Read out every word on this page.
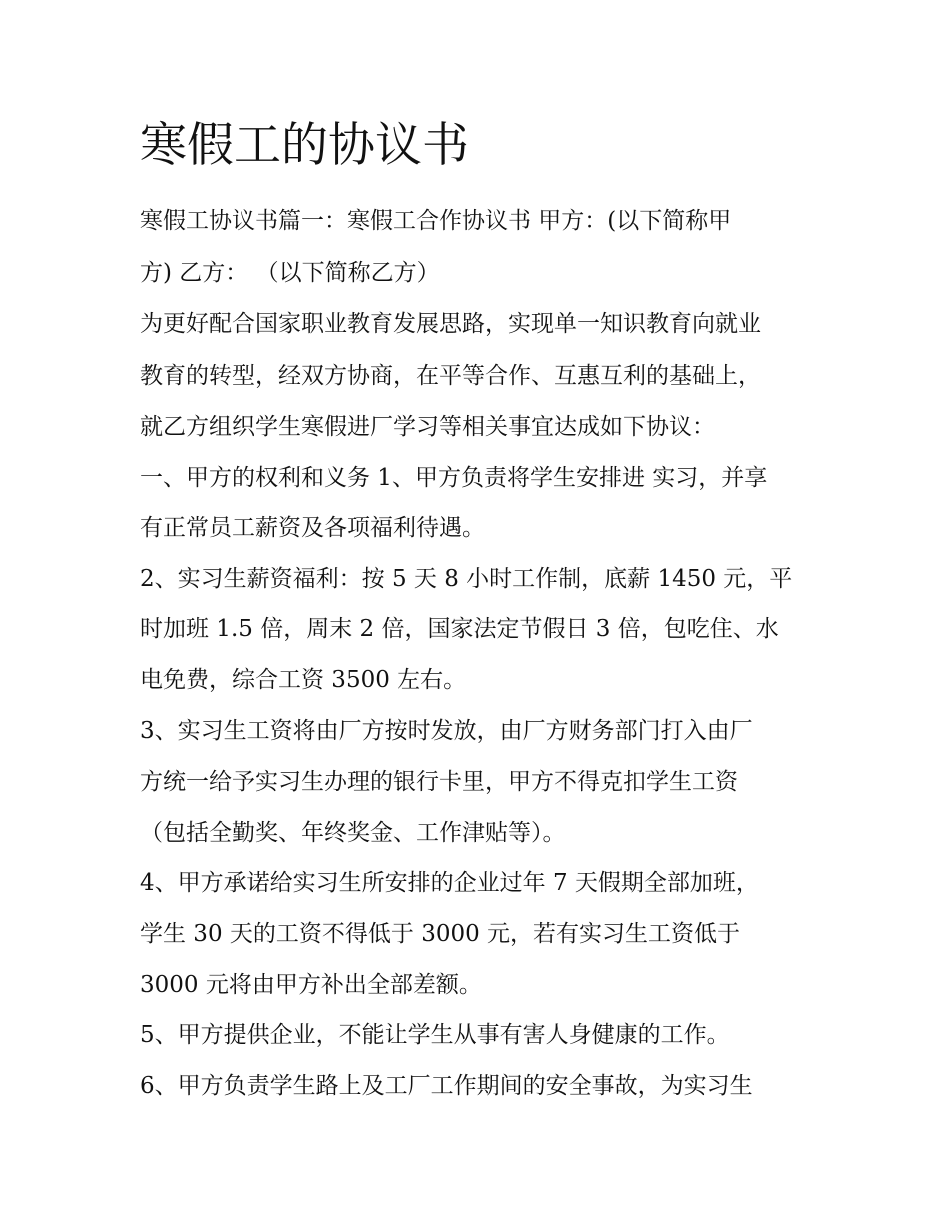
寒假工的协议书

寒假工协议书篇一：寒假工合作协议书 甲方：(以下简称甲

方) 乙方： （以下简称乙方）

为更好配合国家职业教育发展思路，实现单一知识教育向就业

教育的转型，经双方协商，在平等合作、互惠互利的基础上，

就乙方组织学生寒假进厂学习等相关事宜达成如下协议：

一、甲方的权利和义务 1、甲方负责将学生安排进 实习，并享

有正常员工薪资及各项福利待遇。

2、实习生薪资福利：按 5 天 8 小时工作制，底薪 1450 元，平

时加班 1.5 倍，周末 2 倍，国家法定节假日 3 倍，包吃住、水

电免费，综合工资 3500 左右。

3、实习生工资将由厂方按时发放，由厂方财务部门打入由厂

方统一给予实习生办理的银行卡里，甲方不得克扣学生工资

（包括全勤奖、年终奖金、工作津贴等）。

4、甲方承诺给实习生所安排的企业过年 7 天假期全部加班，

学生 30 天的工资不得低于 3000 元，若有实习生工资低于

3000 元将由甲方补出全部差额。

5、甲方提供企业，不能让学生从事有害人身健康的工作。

6、甲方负责学生路上及工厂工作期间的安全事故，为实习生
